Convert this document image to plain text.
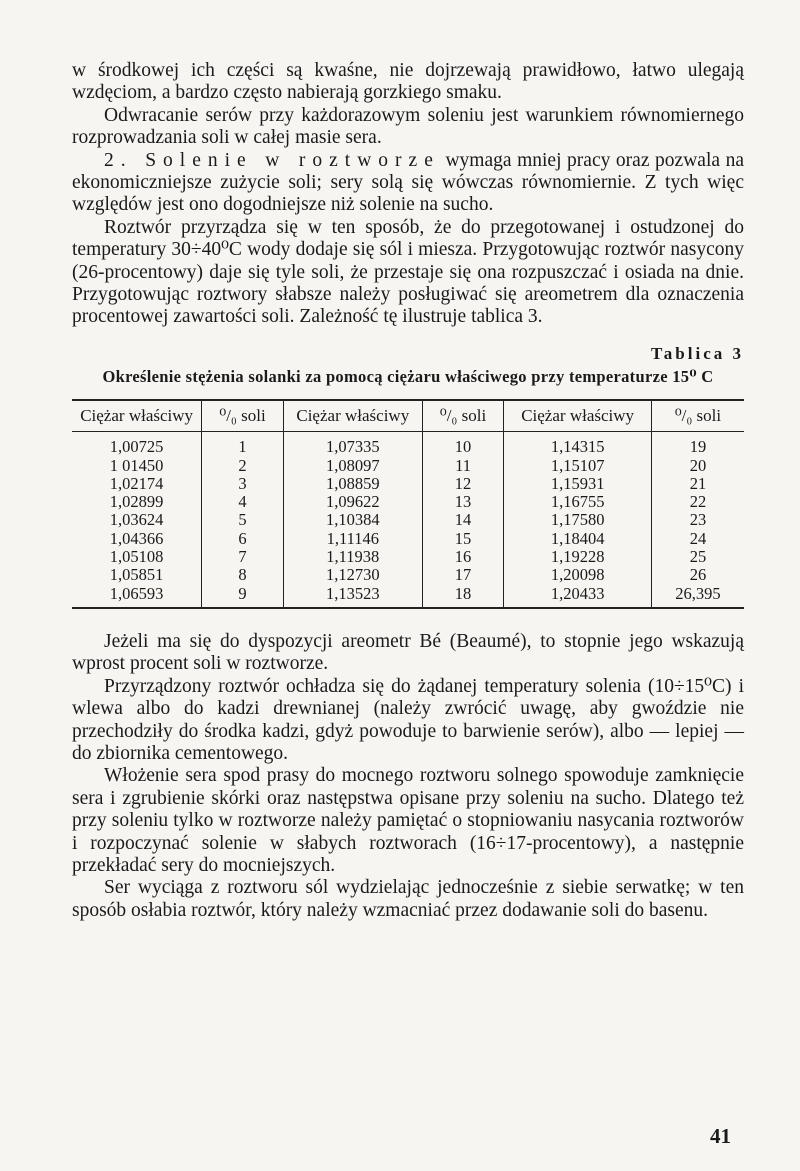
w środkowej ich części są kwaśne, nie dojrzewają prawidłowo, łatwo ulegają wzdęciom, a bardzo często nabierają gorzkiego smaku.

Odwracanie serów przy każdorazowym soleniu jest warunkiem równomiernego rozprowadzania soli w całej masie sera.

2. Solenie w roztworze wymaga mniej pracy oraz pozwala na ekonomiczniejsze zużycie soli; sery solą się wówczas równomiernie. Z tych więc względów jest ono dogodniejsze niż solenie na sucho.

Roztwór przyrządza się w ten sposób, że do przegotowanej i ostudzonej do temperatury 30÷40⁰C wody dodaje się sól i miesza. Przygotowując roztwór nasycony (26-procentowy) daje się tyle soli, że przestaje się ona rozpuszczać i osiada na dnie. Przygotowując roztwory słabsze należy posługiwać się areometrem dla oznaczenia procentowej zawartości soli. Zależność tę ilustruje tablica 3.

Tablica 3

Określenie stężenia solanki za pomocą ciężaru właściwego przy temperaturze 15⁰ C

Ciężar właściwy	⁰/₀ soli	Ciężar właściwy	⁰/₀ soli	Ciężar właściwy	⁰/₀ soli
1,00725	1	1,07335	10	1,14315	19
1 01450	2	1,08097	11	1,15107	20
1,02174	3	1,08859	12	1,15931	21
1,02899	4	1,09622	13	1,16755	22
1,03624	5	1,10384	14	1,17580	23
1,04366	6	1,11146	15	1,18404	24
1,05108	7	1,11938	16	1,19228	25
1,05851	8	1,12730	17	1,20098	26
1,06593	9	1,13523	18	1,20433	26,395

Jeżeli ma się do dyspozycji areometr Bé (Beaumé), to stopnie jego wskazują wprost procent soli w roztworze.

Przyrządzony roztwór ochładza się do żądanej temperatury solenia (10÷15⁰C) i wlewa albo do kadzi drewnianej (należy zwrócić uwagę, aby gwoździe nie przechodziły do środka kadzi, gdyż powoduje to barwienie serów), albo — lepiej — do zbiornika cementowego.

Włożenie sera spod prasy do mocnego roztworu solnego spowoduje zamknięcie sera i zgrubienie skórki oraz następstwa opisane przy soleniu na sucho. Dlatego też przy soleniu tylko w roztworze należy pamiętać o stopniowaniu nasycania roztworów i rozpoczynać solenie w słabych roztworach (16÷17-procentowy), a następnie przekładać sery do mocniejszych.

Ser wyciąga z roztworu sól wydzielając jednocześnie z siebie serwatkę; w ten sposób osłabia roztwór, który należy wzmacniać przez dodawanie soli do basenu.

41
